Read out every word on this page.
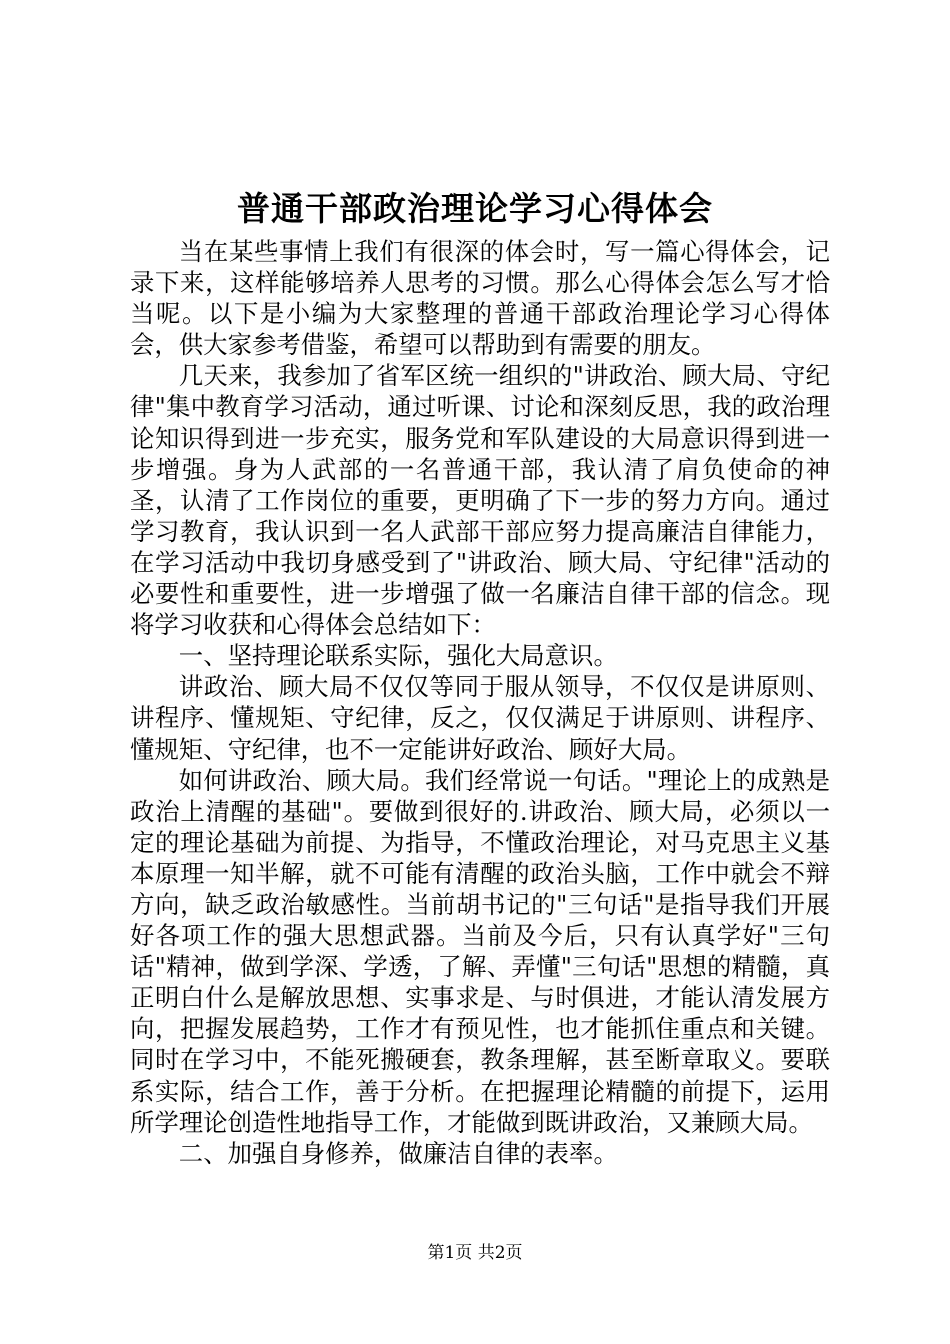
普通干部政治理论学习心得体会

当在某些事情上我们有很深的体会时，写一篇心得体会，记录下来，这样能够培养人思考的习惯。那么心得体会怎么写才恰当呢。以下是小编为大家整理的普通干部政治理论学习心得体会，供大家参考借鉴，希望可以帮助到有需要的朋友。

几天来，我参加了省军区统一组织的"讲政治、顾大局、守纪律"集中教育学习活动，通过听课、讨论和深刻反思，我的政治理论知识得到进一步充实，服务党和军队建设的大局意识得到进一步增强。身为人武部的一名普通干部，我认清了肩负使命的神圣，认清了工作岗位的重要，更明确了下一步的努力方向。通过学习教育，我认识到一名人武部干部应努力提高廉洁自律能力，在学习活动中我切身感受到了"讲政治、顾大局、守纪律"活动的必要性和重要性，进一步增强了做一名廉洁自律干部的信念。现将学习收获和心得体会总结如下：

一、坚持理论联系实际，强化大局意识。

讲政治、顾大局不仅仅等同于服从领导，不仅仅是讲原则、讲程序、懂规矩、守纪律，反之，仅仅满足于讲原则、讲程序、懂规矩、守纪律，也不一定能讲好政治、顾好大局。

如何讲政治、顾大局。我们经常说一句话。"理论上的成熟是政治上清醒的基础"。要做到很好的.讲政治、顾大局，必须以一定的理论基础为前提、为指导，不懂政治理论，对马克思主义基本原理一知半解，就不可能有清醒的政治头脑，工作中就会不辩方向，缺乏政治敏感性。当前胡书记的"三句话"是指导我们开展好各项工作的强大思想武器。当前及今后，只有认真学好"三句话"精神，做到学深、学透，了解、弄懂"三句话"思想的精髓，真正明白什么是解放思想、实事求是、与时俱进，才能认清发展方向，把握发展趋势，工作才有预见性，也才能抓住重点和关键。同时在学习中，不能死搬硬套，教条理解，甚至断章取义。要联系实际，结合工作，善于分析。在把握理论精髓的前提下，运用所学理论创造性地指导工作，才能做到既讲政治，又兼顾大局。

二、加强自身修养，做廉洁自律的表率。

第1页 共2页
